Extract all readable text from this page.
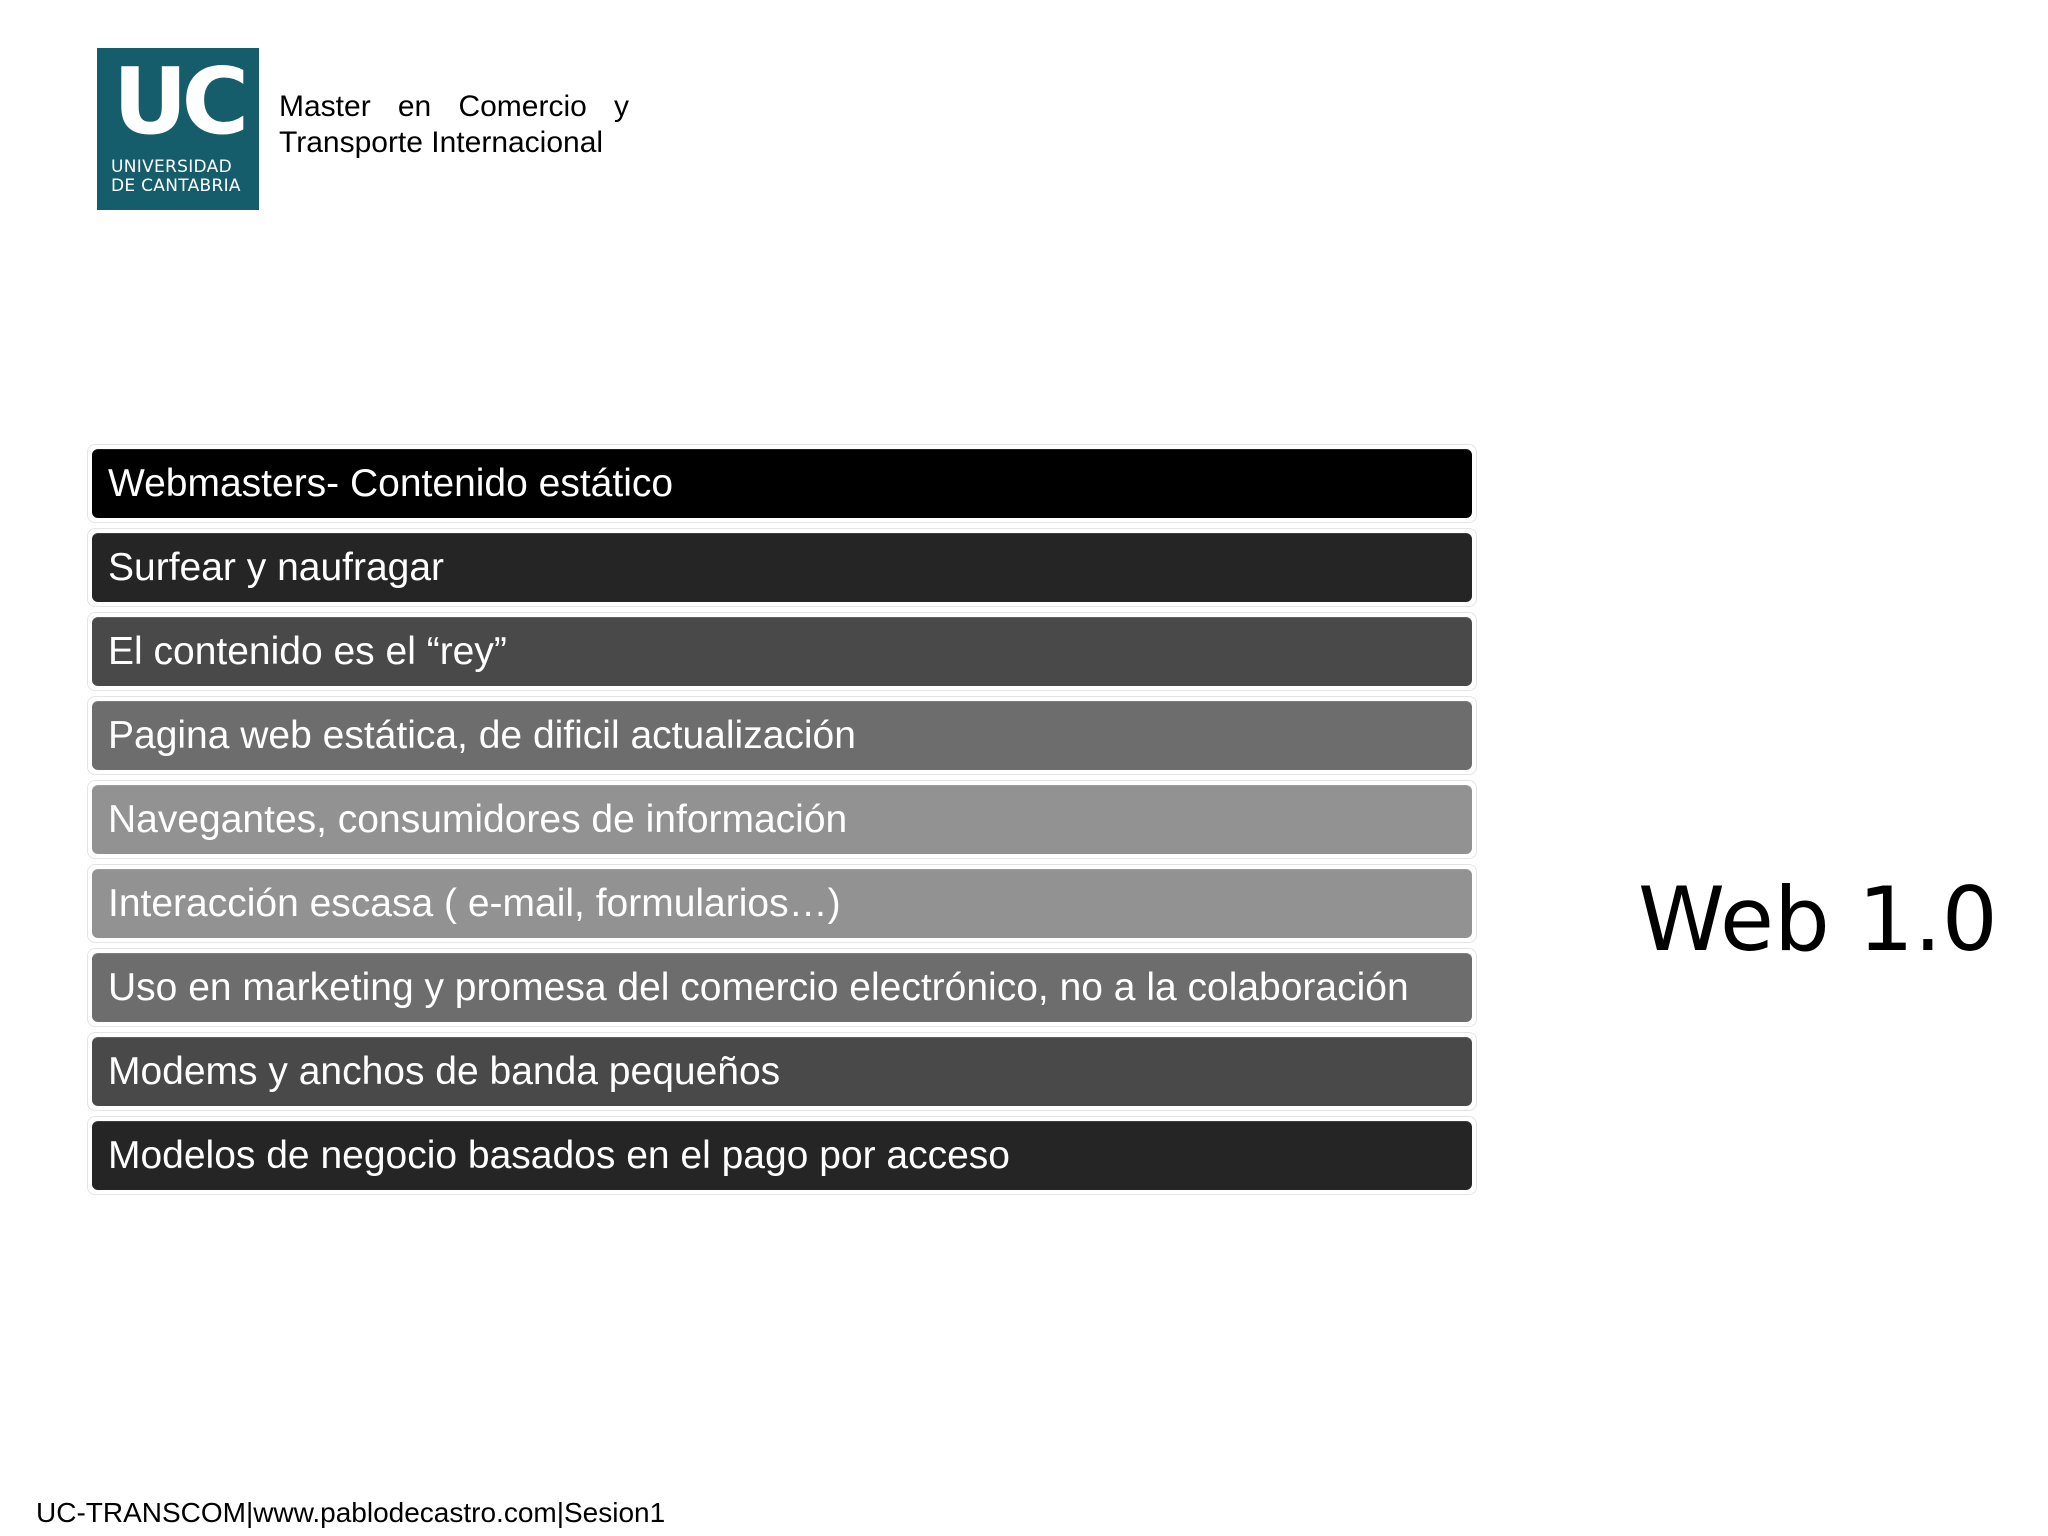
UC
UNIVERSIDAD
DE CANTABRIA
Master en Comercio y
Transporte Internacional
Webmasters- Contenido estático
Surfear y naufragar
El contenido es el “rey”
Pagina web estática, de dificil actualización
Navegantes, consumidores de información
Interacción escasa ( e-mail, formularios…)
Uso en marketing y promesa del comercio electrónico, no a la colaboración
Modems y anchos de banda pequeños
Modelos de negocio basados en el pago por acceso
Web 1.0
UC-TRANSCOM|www.pablodecastro.com|Sesion1
